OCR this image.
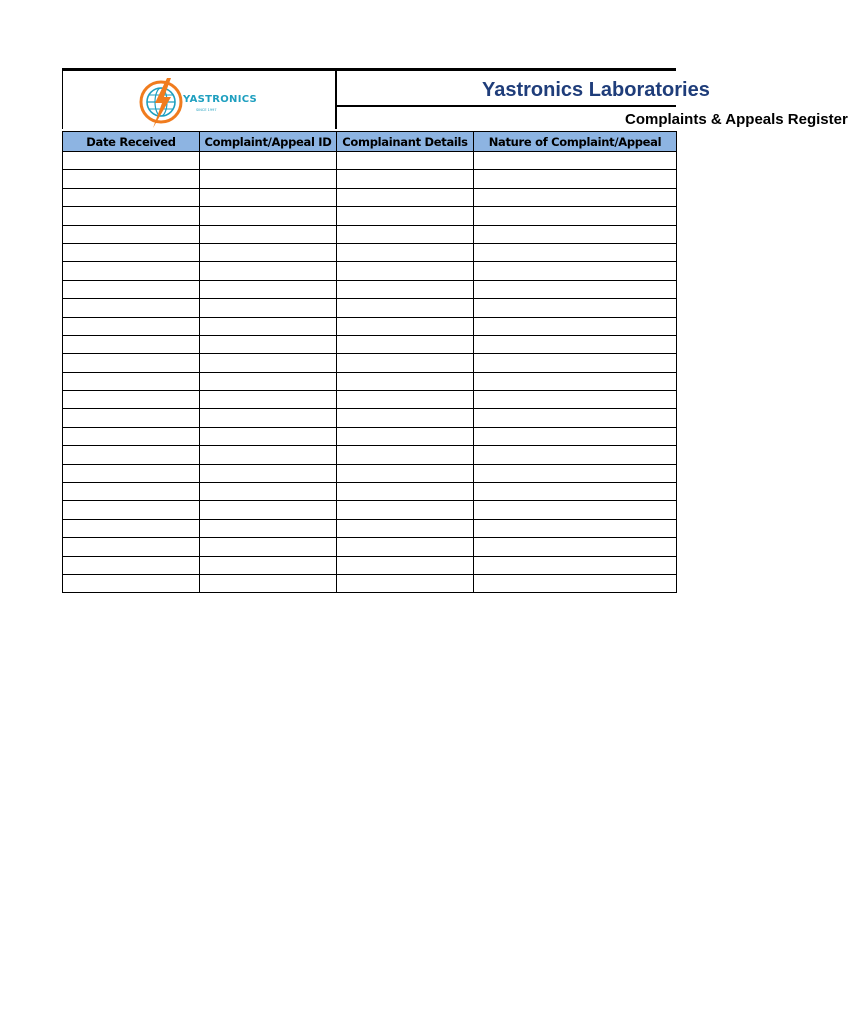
YASTRONICS
SINCE 1997
Yastronics Laboratories
Complaints & Appeals Register
Date Received	Complaint/Appeal ID	Complainant Details	Nature of Complaint/Appeal
